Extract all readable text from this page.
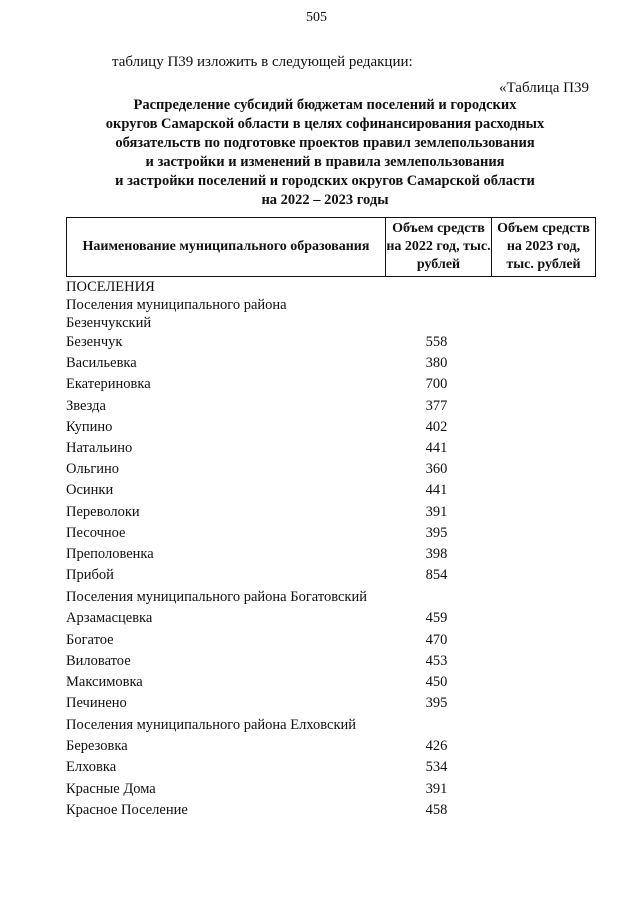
505
таблицу П39 изложить в следующей редакции:
«Таблица П39
Распределение субсидий бюджетам поселений и городских
округов Самарской области в целях софинансирования расходных
обязательств по подготовке проектов правил землепользования
и застройки и изменений в правила землепользования
и застройки поселений и городских округов Самарской области
на 2022 – 2023 годы
Наименование муниципального образования
Объем средств на 2022 год, тыс. рублей
Объем средств на 2023 год, тыс. рублей
ПОСЕЛЕНИЯ
Поселения муниципального района
Безенчукский
Безенчук	558
Васильевка	380
Екатериновка	700
Звезда	377
Купино	402
Натальино	441
Ольгино	360
Осинки	441
Переволоки	391
Песочное	395
Преполовенка	398
Прибой	854
Поселения муниципального района Богатовский
Арзамасцевка	459
Богатое	470
Виловатое	453
Максимовка	450
Печинено	395
Поселения муниципального района Елховский
Березовка	426
Елховка	534
Красные Дома	391
Красное Поселение	458
